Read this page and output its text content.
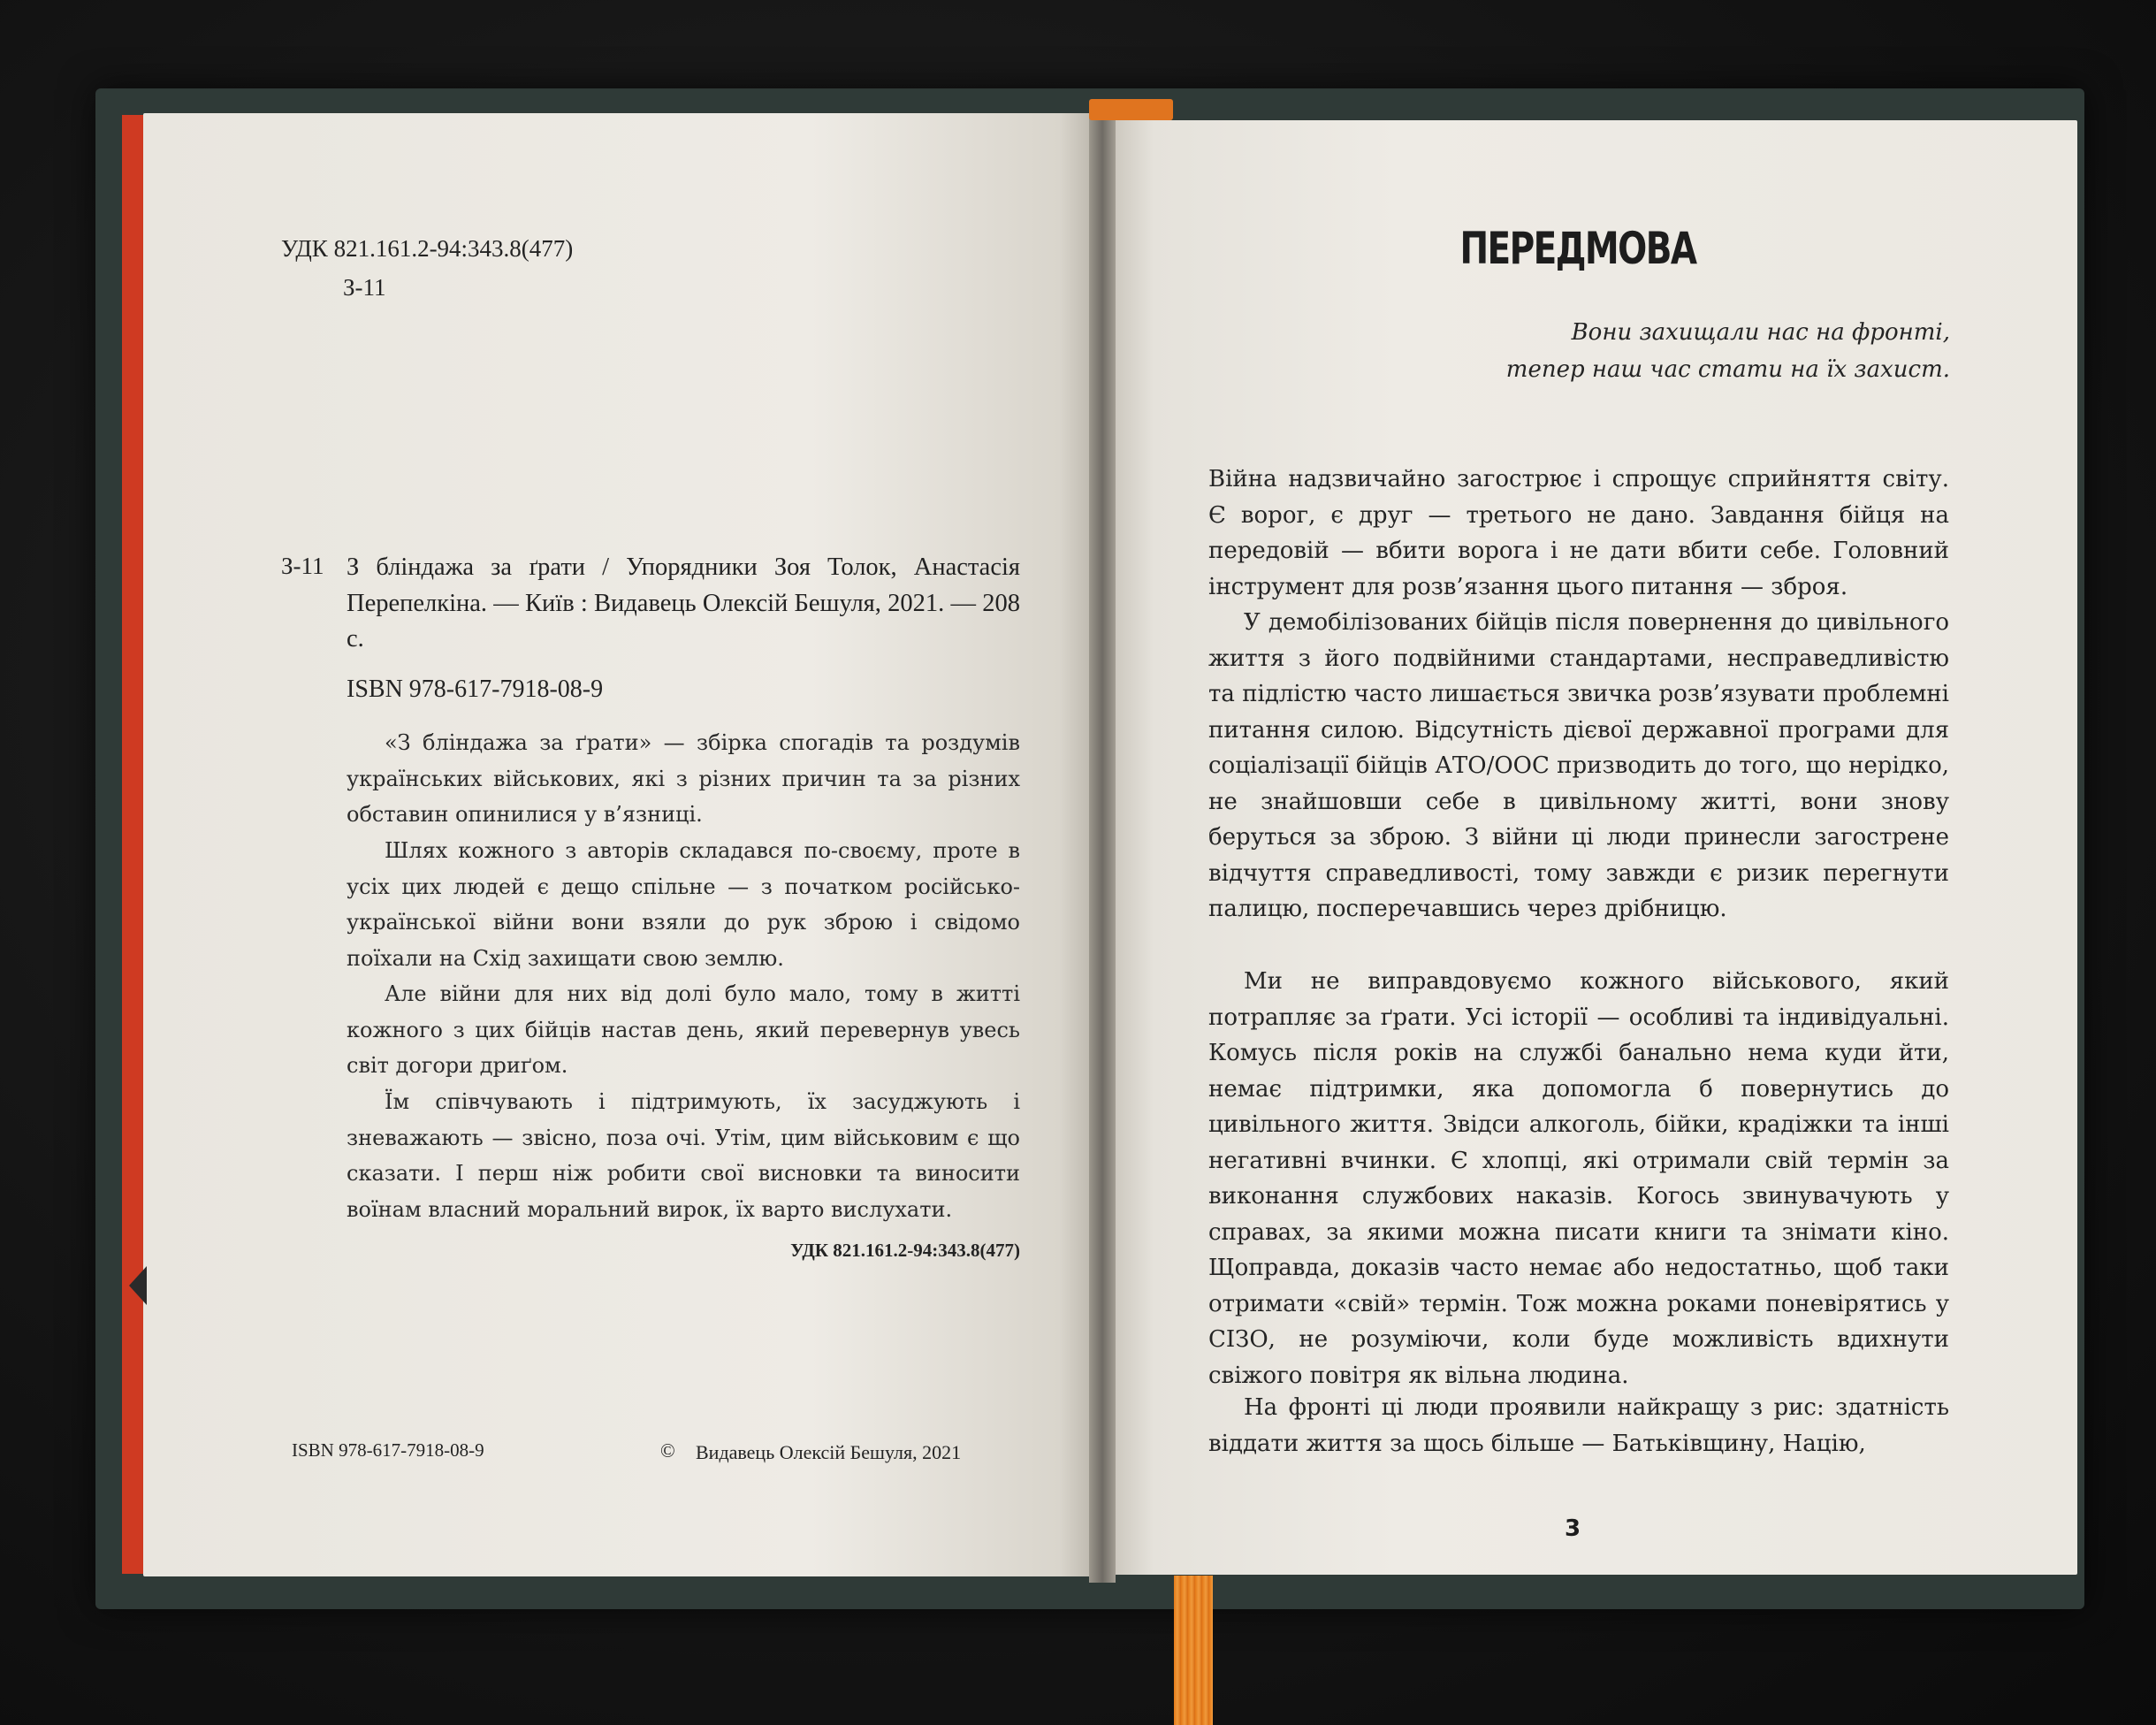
УДК 821.161.2-94:343.8(477)
З-11
З-11 З бліндажа за ґрати / Упорядники Зоя Толок, Анастасія Перепелкіна. — Київ : Видавець Олексій Бешуля, 2021. — 208 с.

ISBN 978-617-7918-08-9

«З бліндажа за ґрати» — збірка спогадів та роздумів українських військових, які з різних причин та за різних обставин опинилися у в’язниці.

Шлях кожного з авторів складався по-своєму, проте в усіх цих людей є дещо спільне — з початком російсько-української війни вони взяли до рук зброю і свідомо поїхали на Схід захищати свою землю.

Але війни для них від долі було мало, тому в житті кожного з цих бійців настав день, який перевернув увесь світ догори дриґом.

Їм співчувають і підтримують, їх засуджують і зневажають — звісно, поза очі. Утім, цим військовим є що сказати. І перш ніж робити свої висновки та виносити воїнам власний моральний вирок, їх варто вислухати.

УДК 821.161.2-94:343.8(477)
ISBN 978-617-7918-08-9	© Видавець Олексій Бешуля, 2021
ПЕРЕДМОВА
Вони захищали нас на фронті,
тепер наш час стати на їх захист.

Війна надзвичайно загострює і спрощує сприйняття світу. Є ворог, є друг — третього не дано. Завдання бійця на передовій — вбити ворога і не дати вбити себе. Головний інструмент для розв’язання цього питання — зброя.

У демобілізованих бійців після повернення до цивільного життя з його подвійними стандартами, несправедливістю та підлістю часто лишається звичка розв’язувати проблемні питання силою. Відсутність дієвої державної програми для соціалізації бійців АТО/ООС призводить до того, що нерідко, не знайшовши себе в цивільному житті, вони знову беруться за зброю. З війни ці люди принесли загострене відчуття справедливості, тому завжди є ризик перегнути палицю, посперечавшись через дрібницю.

Ми не виправдовуємо кожного військового, який потрапляє за ґрати. Усі історії — особливі та індивідуальні. Комусь після років на службі банально нема куди йти, немає підтримки, яка допомогла б повернутись до цивільного життя. Звідси алкоголь, бійки, крадіжки та інші негативні вчинки. Є хлопці, які отримали свій термін за виконання службових наказів. Когось звинувачують у справах, за якими можна писати книги та знімати кіно. Щоправда, доказів часто немає або недостатньо, щоб таки отримати «свій» термін. Тож можна роками поневірятись у СІЗО, не розуміючи, коли буде можливість вдихнути свіжого повітря як вільна людина.

На фронті ці люди проявили найкращу з рис: здатність віддати життя за щось більше — Батьківщину, Націю,

3
